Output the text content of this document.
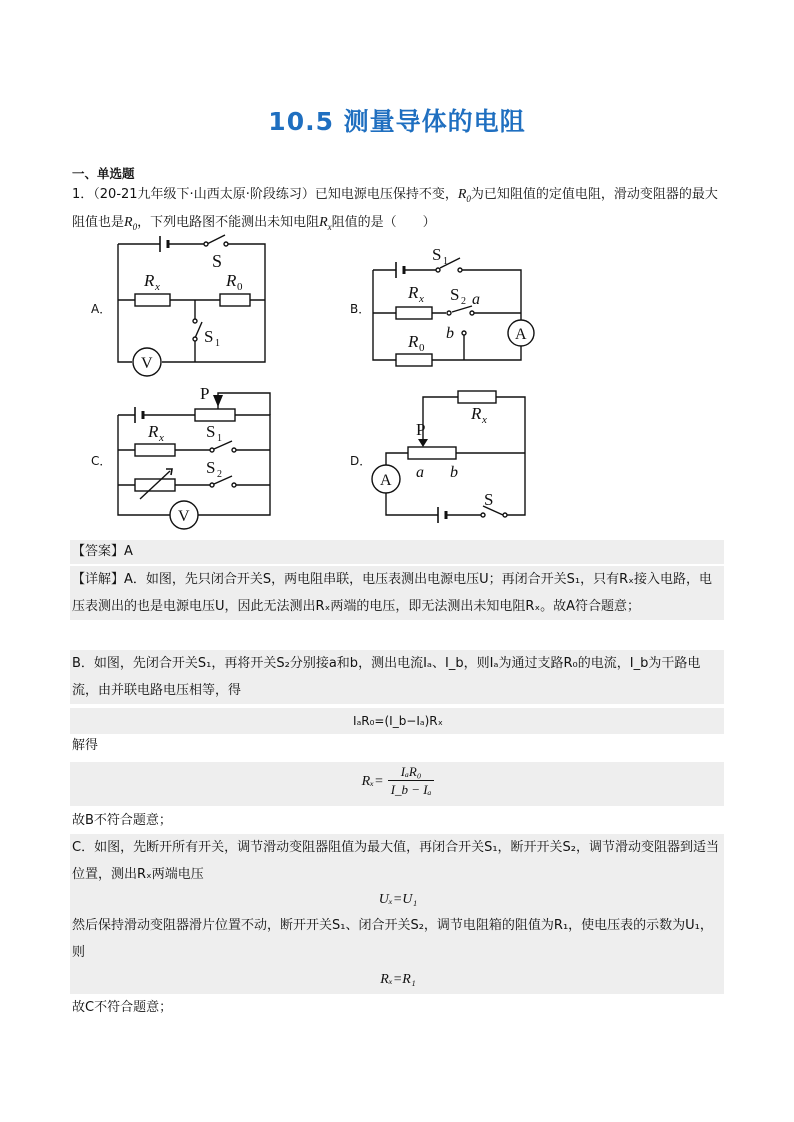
10.5 测量导体的电阻
一、单选题
1．（20-21九年级下·山西太原·阶段练习）已知电源电压保持不变，$R_0$为已知阻值的定值电阻，滑动变阻器的最大阻值也是$R_0$，下列电路图不能测出未知电阻$R_x$阻值的是（　　）
A．	B．
C．	D．
S
R x	R 0
S 1
V
S 1
R x S 2 a
b
R 0
A
P
R x S 1
S 2
V
R x
P
a b
A
S
【答案】A
【详解】A．如图，先只闭合开关S，两电阻串联，电压表测出电源电压U；再闭合开关S₁，只有Rₓ接入电路，电压表测出的也是电源电压U，因此无法测出Rₓ两端的电压，即无法测出未知电阻Rₓ。故A符合题意；
B．如图，先闭合开关S₁，再将开关S₂分别接a和b，测出电流Iₐ、I_b，则Iₐ为通过支路R₀的电流，I_b为干路电流，由并联电路电压相等，得
IₐR₀=(I_b−Iₐ)Rₓ
解得
$R_x= \frac{\text{IₐR₀}}{\text{I\_b − Iₐ}}$
故B不符合题意；
C．如图，先断开所有开关，调节滑动变阻器阻值为最大值，再闭合开关S₁，断开开关S₂，调节滑动变阻器到适当位置，测出Rₓ两端电压
Uₓ=U₁
然后保持滑动变阻器滑片位置不动，断开开关S₁、闭合开关S₂，调节电阻箱的阻值为R₁，使电压表的示数为U₁，则
Rₓ=R₁
故C不符合题意；
